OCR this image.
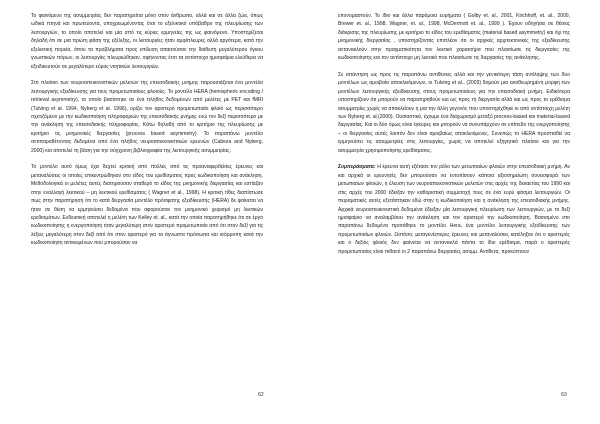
Το φαινόμενο της ασυμμετρίας δεν παρατηρείται μόνο στον άνθρωπο, αλλά και σε άλλα ζώα, όπως ωδικά πτηνά και πρωτεύοντα, υποχρεωμένοντας έτσι το εξελικτικό υπόβαθρο της πλευρίωσης των λειτουργιών, το οποίο αποτελεί και μία από τις κύριες ερμηνείες της ως φαινόμενο. Υποστηρίζεται δηλαδή ότι σε μια πρώτη φάση της εξέλιξης, οι λειτουργίες ήταν αμφίπλευρες αλλά αργότερα, κατά την εξελικτική πορεία, όπου τα προβλήματα προς επίλυση απαιτούσαν την διάθεση μεγαλύτερου όγκου γνωστικών πόρων, οι λειτουργίες πλευριώθηκαν, αφήνοντας έτσι τα αντίστοιχα ημισφαίρια ελεύθερα να εξειδικευτούν σε μεγαλύτερο εύρος νοητικών λειτουργιών.

Στο πλαίσιο των νευροαπεικονιστικών μελετών της επεισοδιακής μνήμης παρουσιάζεται ένα μοντέλο λειτουργικής εξειδίκευσης για τους προμετωπιαίους φλοιούς. Το μοντέλο HERA (hemispheric encoding / retrieval asymmetry), το οποίο βασίστηκε σε ένα πλήθος δεδομένων από μελέτες με PET και fMRI (Tulving et al. 1994, Nyberg et al. 1996), ορίζει τον αριστερό προμετωπιαίο φλοιό ως περισσότερο σχετιζόμενο με την κωδικοποίηση πληροφοριών της επεισοδιακής μνήμης ενώ τον δεξί περισσότερο με την ανάκληση της επεισοδιακής πληροφορίας. Κάτω δηλαδή από το κριτήριο της πλευρίωσης με κριτήριο τις μνημονικές διεργασίες (process based asymmetry). Το παραπάνω μοντέλο αντιπαραθέτοντας δεδομένα από ένα πλήθος νευροαπεικονιστικών ερευνών (Cabeza and Nyberg, 2000) και αποτελεί τη βάση για την σύγχρονη βιβλιογραφία της λειτουργικής ασυμμετρίας.

Το μοντέλο αυτό όμως έχει δεχτεί κριτική από πολλές από τις προαναφερθείσες έρευνες και μεταναλύσεις οι οποίες επικεντρώθηκαν στο είδος του ερεθίσματος προς κωδικοποίηση και ανάκληση. Μεθοδολογικά οι μελέτες αυτές διατηρούσαν σταθερό το είδος της μνημονικής διεργασίας και εστίαζαν στην εναλλαγή λεκτικού – μη λεκτικού ερεθίσματος ( Wagner et al., 1998). Η κριτική τίθες διαπίστωσε πως στην παρατήρηση ότι το κατά διεργασία μοντέλο πρόσφατης εξειδίκευσης (HERA) δε φαίνεται να ήταν σε θέση να ερμηνεύσει δεδομένα που αφορούσαν τον μνημονικό χειρισμό μη λεκτικών ερεθισμάτων. Ενδεικτική αποτελεί η μελέτη των Kelley et. al., κατά την οποία παρατηρήθηκε ότι σε έργο κωδικοποίησης η ενεργοποίηση ήταν μεγαλύτερη στον αριστερό προμετωπιαίο από ότι στον δεξί για τις λέξεις μεγαλύτερη στον δεξί από ότι στον αριστερό για τα άγνωστα πρόσωπα και ισόρροπη κατά την κωδικοποίηση αντικειμένων που μπορούσαν να

62

επονομαστούν. Το ίδιο και άλλα παρόμοια ευρήματα ( Golby et. al., 2001, Kirchhoff, et. al., 2000, Brewer et. al., 1998, Wagner, et. al., 1998, McDermott et. al., 1999 ). Έχουν οδηγήσει σε θέσεις διάκρισης της πλευρίωσης με κριτήριο το είδος του ερεθίσματος (material based asymmetry) και όχι της μνημονικής διεργασίας , υποστηρίζοντας επιπλέον ότι οι αρχικές αρχιτεκτονικές της εξειδίκευσης αντανακλούν στην πραγματικότητα τον λεκτικό χαρακτήρα που πλαισίωσε τις διεργασίες της κωδικοποίησης και τον αντίστοιχο μη λεκτικό που πλαισίωσε τις διεργασίες της ανάκλησης.

Σε απάντηση ως προς τις παραπάνω αντιθέσεις αλλά και την γενικότερη τάση αντίληψης των δύο μοντέλων ως αμοιβαία αποκλειόμενων, οι Tulving et al., (2003) δομούν μια αναθεωρημένη μορφή των μοντέλων λειτουργικής εξειδίκευσης στους προμετωπιαίους για την επεισοδιακή μνήμη. Ειδικότερα υποστηρίζουν ότι μπορούν να παρατηρηθούν και ως προς τη διεργασία αλλά και ως προς το ερέθισμα ασυμμετρίες χωρίς να αποκλείουν η μια την άλλη γεγονός που υποστηρίχθηκε κι από αντίστοιχη μελέτη των Nyberg et. al.(2000). Ουσιαστικά, έχουμε ένα διαχωρισμό μεταξύ process-based και material-based διεργασίας. Και οι δύο όμως είναι έγκυρες και μπορούν να συνυπάρχουν σε επίπεδο της ενεργοποίησης – οι διεργασίες αυτές λοιπόν δεν είναι αμοιβαίως αποκλειόμενες. Συνεπώς το HERA προσπαθεί να ερμηνεύσει τις ασυμμετρίες στις λειτουργίες, χωρίς να αποτελεί εξηγητικό πλαίσιο και για την ασυμμετρία χρησιμοποίησης ερεθίσματος.

Συμπεράσματα: Η έρευνα αυτή εξέτασε τον ρόλο των μετωπιαίων φλοιών στην επεισοδιακή μνήμη. Αν και αρχικά οι ερευνητές δεν μπορούσαν να εντοπίσουν κάποια αξιοσημείωτη συνεισφορά των μετωπιαίων φλοιών, η έλευση των νευροαπεικονιστικών μελετών στις αρχές της δεκαετίας του 1990 και στις αρχές του 2000 έδειξαν την καθοριστική συμμετοχή τους σε ένα ευρύ φάσμα λειτουργιών. Οι πειραματικές αυτές εξετάστηκαν εδώ στην η κωδικοποίηση και η ανάκληση της επεισοδιακής μνήμης. Αρχικά νευροαπεικονιστικά δεδομένα έδειξαν μία λειτουργική πλευρίωση των λειτουργιών, με το δεξί ημισφαίριο να αναλαμβάνει την ανάκληση και τον αριστερό την κωδικοποίηση. Βασισμένο στο παραπάνω δεδομένα προτάθηκε το μοντέλο Hera, ένα μοντέλο λειτουργικής εξειδίκευσης των προμετωπιαίων φλοιών. Ωστόσο, μεταγενέστερες έρευνες και μεταναλύσεις κατέληξαν ότι ο αριστερός και ο δεξιός φλοιός δεν φαίνεται να αντανακλά πάντα το ίδιο ερέθισμα, παρά ο αριστερός προμετωπιαίος είναι πιθανό οι 2 παραπάνω διεργασίες ασυμμ. Αντίθετα, προκύπτουν

63
